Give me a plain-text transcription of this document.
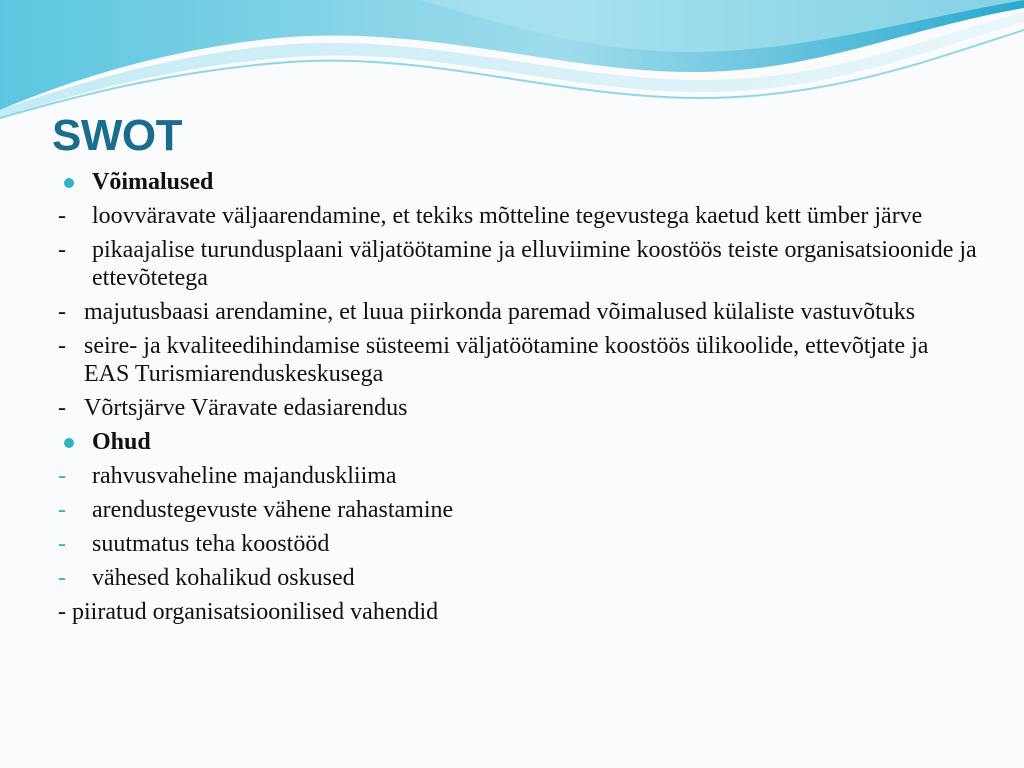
SWOT
Võimalused
- loovväravate väljaarendamine, et tekiks mõtteline tegevustega kaetud kett ümber järve
- pikaajalise turundusplaani väljatöötamine ja elluviimine koostöös teiste organisatsioonide ja ettevõtetega
- majutusbaasi arendamine, et luua piirkonda paremad võimalused külaliste vastuvõtuks
- seire- ja kvaliteedihindamise süsteemi väljatöötamine koostöös ülikoolide, ettevõtjate ja EAS Turismiarenduskeskusega
- Võrtsjärve Väravate edasiarendus
Ohud
- rahvusvaheline majanduskliima
- arendustegevuste vähene rahastamine
- suutmatus teha koostööd
- vähesed kohalikud oskused
- piiratud organisatsioonilised vahendid
